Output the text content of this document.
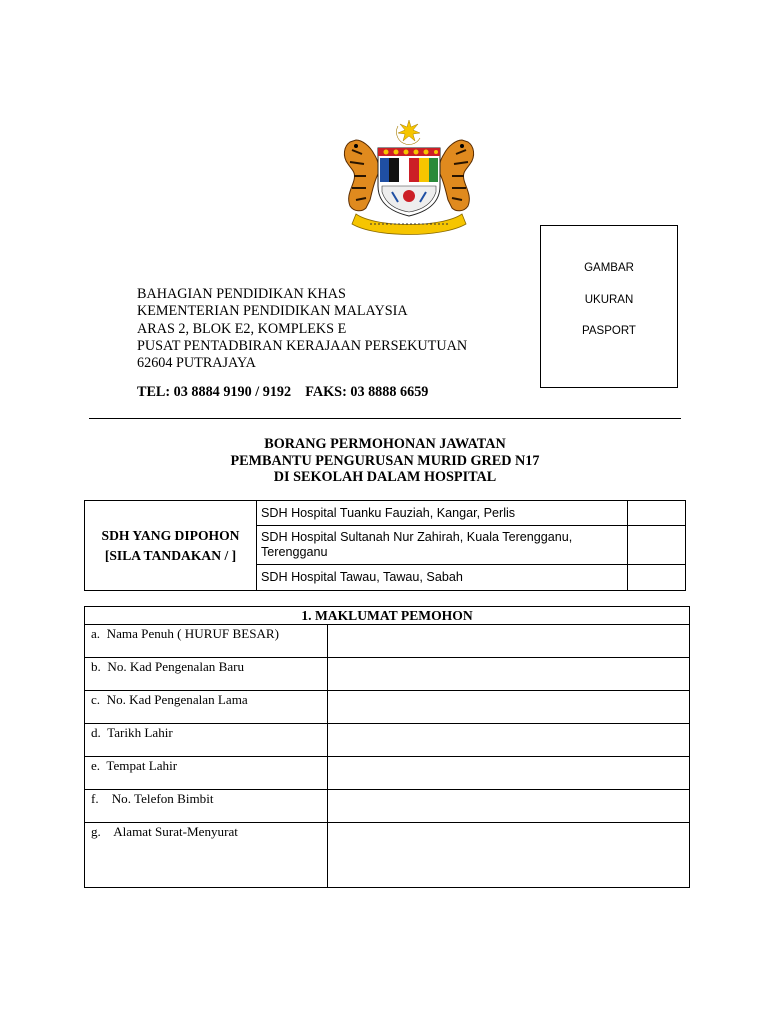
GAMBAR
UKURAN
PASPORT
BAHAGIAN PENDIDIKAN KHAS
KEMENTERIAN PENDIDIKAN MALAYSIA
ARAS 2, BLOK E2, KOMPLEKS E
PUSAT PENTADBIRAN KERAJAAN PERSEKUTUAN
62604 PUTRAJAYA
TEL: 03 8884 9190 / 9192    FAKS: 03 8888 6659
BORANG PERMOHONAN JAWATAN
PEMBANTU PENGURUSAN MURID GRED N17
DI SEKOLAH DALAM HOSPITAL
SDH YANG DIPOHON
[SILA TANDAKAN / ]	SDH Hospital Tuanku Fauziah, Kangar, Perlis	
	SDH Hospital Sultanah Nur Zahirah, Kuala Terengganu, Terengganu	
	SDH Hospital Tawau, Tawau, Sabah	
1. MAKLUMAT PEMOHON	
a.  Nama Penuh ( HURUF BESAR)	
b.  No. Kad Pengenalan Baru	
c.  No. Kad Pengenalan Lama	
d.  Tarikh Lahir	
e.  Tempat Lahir	
f.    No. Telefon Bimbit	
g.    Alamat Surat-Menyurat	
